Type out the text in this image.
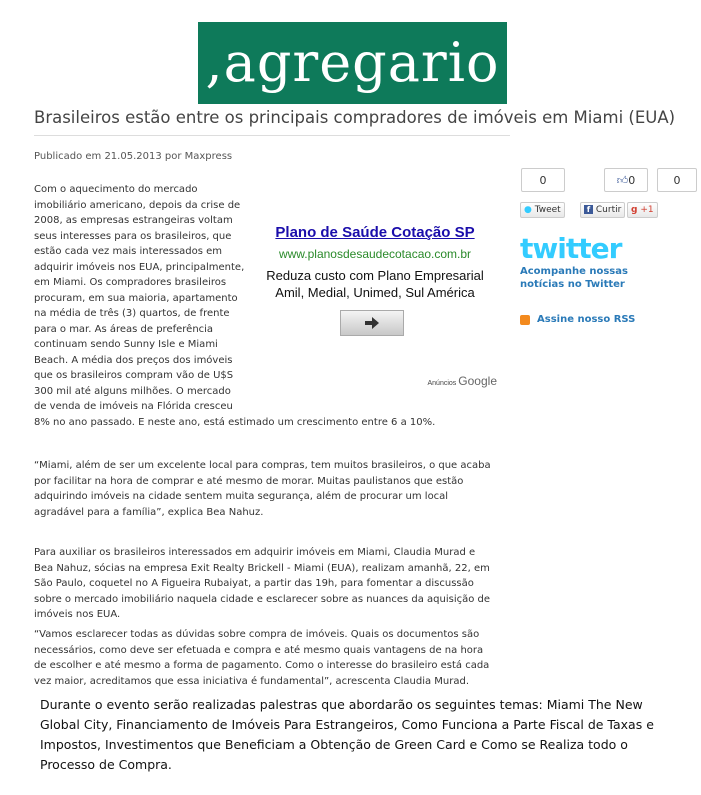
,agregario
Brasileiros estão entre os principais compradores de imóveis em Miami (EUA)
Publicado em 21.05.2013 por Maxpress
Com o aquecimento do mercado imobiliário americano, depois da crise de 2008, as empresas estrangeiras voltam seus interesses para os brasileiros, que estão cada vez mais interessados em adquirir imóveis nos EUA, principalmente, em Miami. Os compradores brasileiros procuram, em sua maioria, apartamento na média de três (3) quartos, de frente para o mar. As áreas de preferência continuam sendo Sunny Isle e Miami Beach. A média dos preços dos imóveis que os brasileiros compram vão de U$S 300 mil até alguns milhões. O mercado de venda de imóveis na Flórida cresceu 8% no ano passado. E neste ano, está estimado um crescimento entre 6 a 10%.
Plano de Saúde Cotação SP
www.planosdesaudecotacao.com.br
Reduza custo com Plano Empresarial
Amil, Medial, Unimed, Sul América
Anúncios Google

“Miami, além de ser um excelente local para compras, tem muitos brasileiros, o que acaba por facilitar na hora de comprar e até mesmo de morar. Muitas paulistanos que estão adquirindo imóveis na cidade sentem muita segurança, além de procurar um local agradável para a família”, explica Bea Nahuz.

Para auxiliar os brasileiros interessados em adquirir imóveis em Miami, Claudia Murad e Bea Nahuz, sócias na empresa Exit Realty Brickell - Miami (EUA), realizam amanhã, 22, em São Paulo, coquetel no A Figueira Rubaiyat, a partir das 19h, para fomentar a discussão sobre o mercado imobiliário naquela cidade e esclarecer sobre as nuances da aquisição de imóveis nos EUA.

“Vamos esclarecer todas as dúvidas sobre compra de imóveis. Quais os documentos são necessários, como deve ser efetuada e compra e até mesmo quais vantagens de na hora de escolher e até mesmo a forma de pagamento. Como o interesse do brasileiro está cada vez maior, acreditamos que essa iniciativa é fundamental”, acrescenta Claudia Murad.

Durante o evento serão realizadas palestras que abordarão os seguintes temas: Miami The New Global City, Financiamento de Imóveis Para Estrangeiros, Como Funciona a Parte Fiscal de Taxas e Impostos, Investimentos que Beneficiam a Obtenção de Green Card e Como se Realiza todo o Processo de Compra.

0	👍︎0	0
● Tweet	f Curtir	g +1
twitter
Acompanhe nossas
notícias no Twitter
Assine nosso RSS
